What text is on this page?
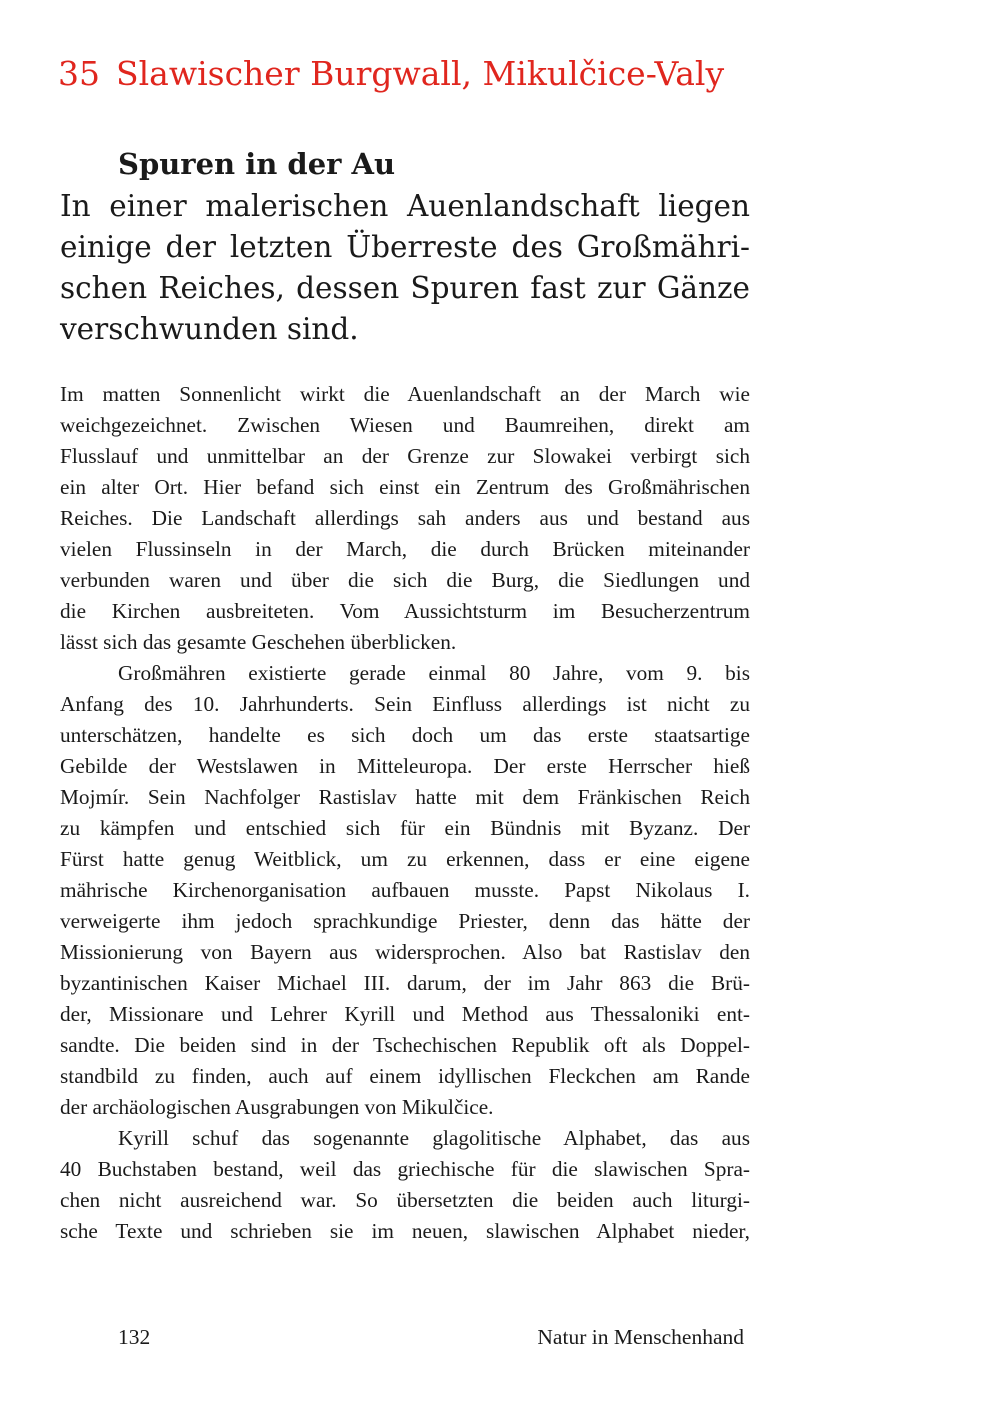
35 Slawischer Burgwall, Mikulčice-Valy
Spuren in der Au
In einer malerischen Auenlandschaft liegen
einige der letzten Überreste des Großmähri-
schen Reiches, dessen Spuren fast zur Gänze
verschwunden sind.
Im matten Sonnenlicht wirkt die Auenlandschaft an der March wie
weichgezeichnet. Zwischen Wiesen und Baumreihen, direkt am
Flusslauf und unmittelbar an der Grenze zur Slowakei verbirgt sich
ein alter Ort. Hier befand sich einst ein Zentrum des Großmährischen
Reiches. Die Landschaft allerdings sah anders aus und bestand aus
vielen Flussinseln in der March, die durch Brücken miteinander
verbunden waren und über die sich die Burg, die Siedlungen und
die Kirchen ausbreiteten. Vom Aussichtsturm im Besucherzentrum
lässt sich das gesamte Geschehen überblicken.
Großmähren existierte gerade einmal 80 Jahre, vom 9. bis
Anfang des 10. Jahrhunderts. Sein Einfluss allerdings ist nicht zu
unterschätzen, handelte es sich doch um das erste staatsartige
Gebilde der Westslawen in Mitteleuropa. Der erste Herrscher hieß
Mojmír. Sein Nachfolger Rastislav hatte mit dem Fränkischen Reich
zu kämpfen und entschied sich für ein Bündnis mit Byzanz. Der
Fürst hatte genug Weitblick, um zu erkennen, dass er eine eigene
mährische Kirchenorganisation aufbauen musste. Papst Nikolaus I.
verweigerte ihm jedoch sprachkundige Priester, denn das hätte der
Missionierung von Bayern aus widersprochen. Also bat Rastislav den
byzantinischen Kaiser Michael III. darum, der im Jahr 863 die Brü-
der, Missionare und Lehrer Kyrill und Method aus Thessaloniki ent-
sandte. Die beiden sind in der Tschechischen Republik oft als Doppel-
standbild zu finden, auch auf einem idyllischen Fleckchen am Rande
der archäologischen Ausgrabungen von Mikulčice.
Kyrill schuf das sogenannte glagolitische Alphabet, das aus
40 Buchstaben bestand, weil das griechische für die slawischen Spra-
chen nicht ausreichend war. So übersetzten die beiden auch liturgi-
sche Texte und schrieben sie im neuen, slawischen Alphabet nieder,
132	Natur in Menschenhand
